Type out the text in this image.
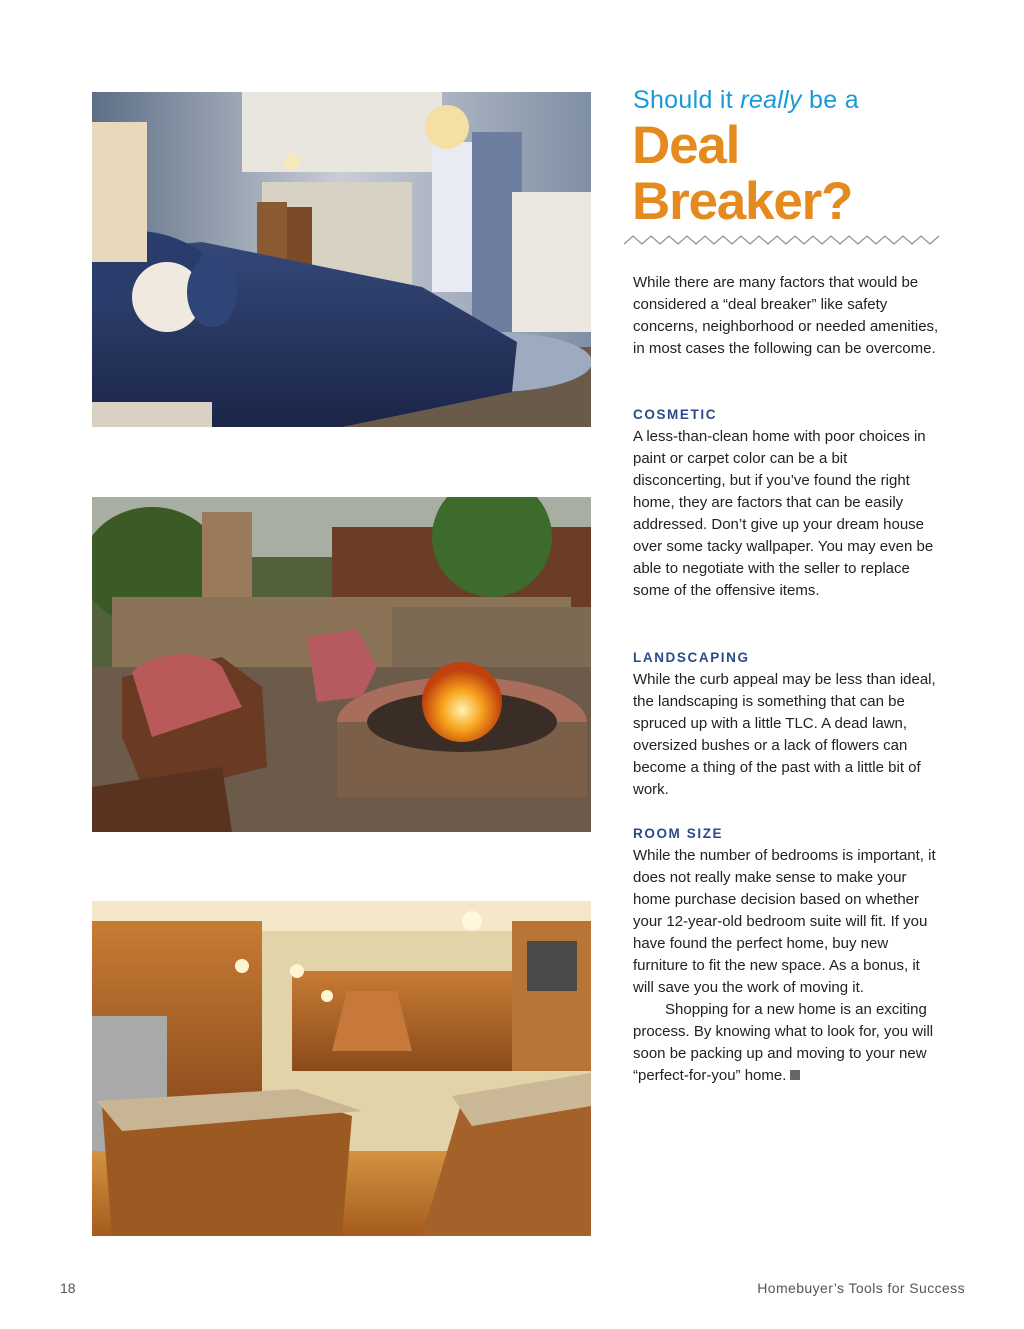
Should it really be a
Deal
Breaker?
While there are many factors that would be considered a “deal breaker” like safety concerns, neighborhood or needed amenities, in most cases the following can be overcome.
COSMETIC
A less-than-clean home with poor choices in paint or carpet color can be a bit disconcerting, but if you’ve found the right home, they are factors that can be easily addressed. Don’t give up your dream house over some tacky wallpaper. You may even be able to negotiate with the seller to replace some of the offensive items.
LANDSCAPING
While the curb appeal may be less than ideal, the landscaping is something that can be spruced up with a little TLC. A dead lawn, oversized bushes or a lack of flowers can become a thing of the past with a little bit of work.
ROOM SIZE
While the number of bedrooms is important, it does not really make sense to make your home purchase decision based on whether your 12-year-old bedroom suite will fit. If you have found the perfect home, buy new furniture to fit the new space. As a bonus, it will save you the work of moving it.
Shopping for a new home is an exciting process. By knowing what to look for, you will soon be packing up and moving to your new “perfect-for-you” home.
18	Homebuyer’s Tools for Success
